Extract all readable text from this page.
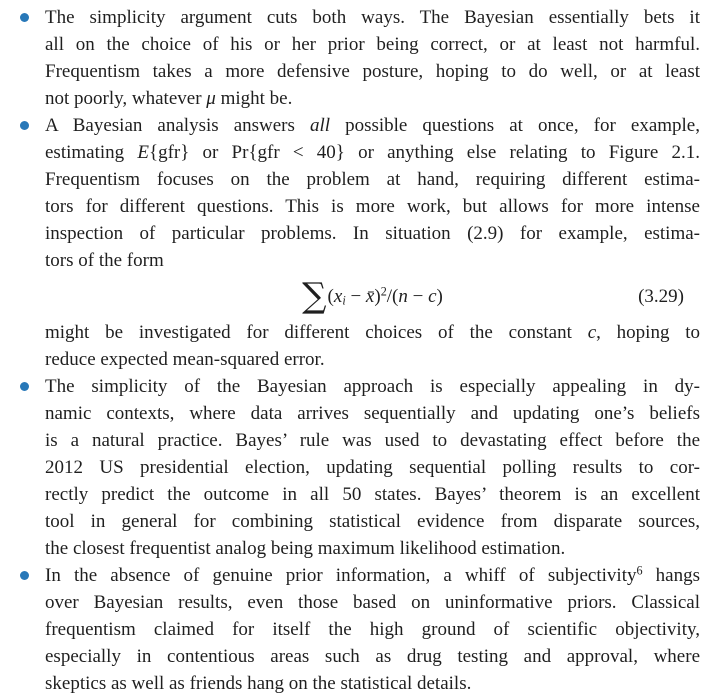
The simplicity argument cuts both ways. The Bayesian essentially bets it
all on the choice of his or her prior being correct, or at least not harmful.
Frequentism takes a more defensive posture, hoping to do well, or at least
not poorly, whatever μ might be.
A Bayesian analysis answers all possible questions at once, for example,
estimating E{gfr} or Pr{gfr < 40} or anything else relating to Figure 2.1.
Frequentism focuses on the problem at hand, requiring different estima-
tors for different questions. This is more work, but allows for more intense
inspection of particular problems. In situation (2.9) for example, estima-
tors of the form
$\sum(x_i$ − x̄)$^2$/(n − c)	(3.29)
might be investigated for different choices of the constant c, hoping to
reduce expected mean-squared error.
The simplicity of the Bayesian approach is especially appealing in dy-
namic contexts, where data arrives sequentially and updating one’s beliefs
is a natural practice. Bayes’ rule was used to devastating effect before the
2012 US presidential election, updating sequential polling results to cor-
rectly predict the outcome in all 50 states. Bayes’ theorem is an excellent
tool in general for combining statistical evidence from disparate sources,
the closest frequentist analog being maximum likelihood estimation.
In the absence of genuine prior information, a whiff of subjectivity$^6$ hangs
over Bayesian results, even those based on uninformative priors. Classical
frequentism claimed for itself the high ground of scientific objectivity,
especially in contentious areas such as drug testing and approval, where
skeptics as well as friends hang on the statistical details.
